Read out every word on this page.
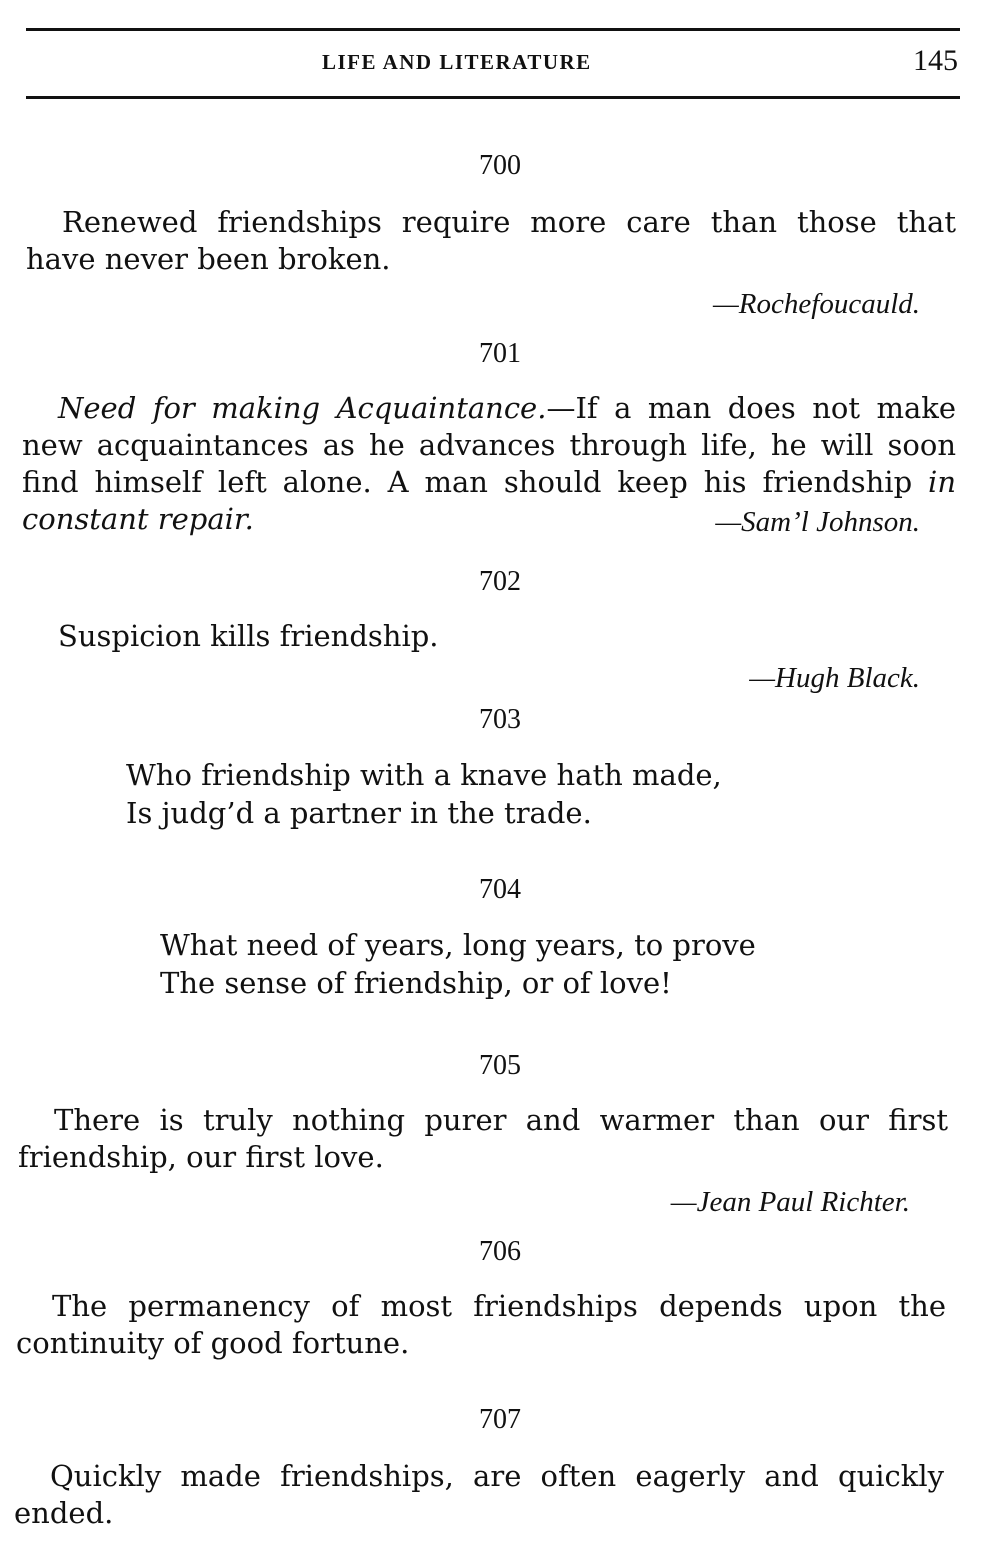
LIFE AND LITERATURE	145
700
Renewed friendships require more care than those that have never been broken.
—Rochefoucauld.
701
Need for making Acquaintance.—If a man does not make new acquaintances as he advances through life, he will soon find himself left alone. A man should keep his friendship in constant repair.	—Sam’l Johnson.
702
Suspicion kills friendship.
—Hugh Black.
703
Who friendship with a knave hath made,
Is judg’d a partner in the trade.
704
What need of years, long years, to prove
The sense of friendship, or of love!
705
There is truly nothing purer and warmer than our first friendship, our first love.
—Jean Paul Richter.
706
The permanency of most friendships depends upon the continuity of good fortune.
707
Quickly made friendships, are often eagerly and quickly ended.
